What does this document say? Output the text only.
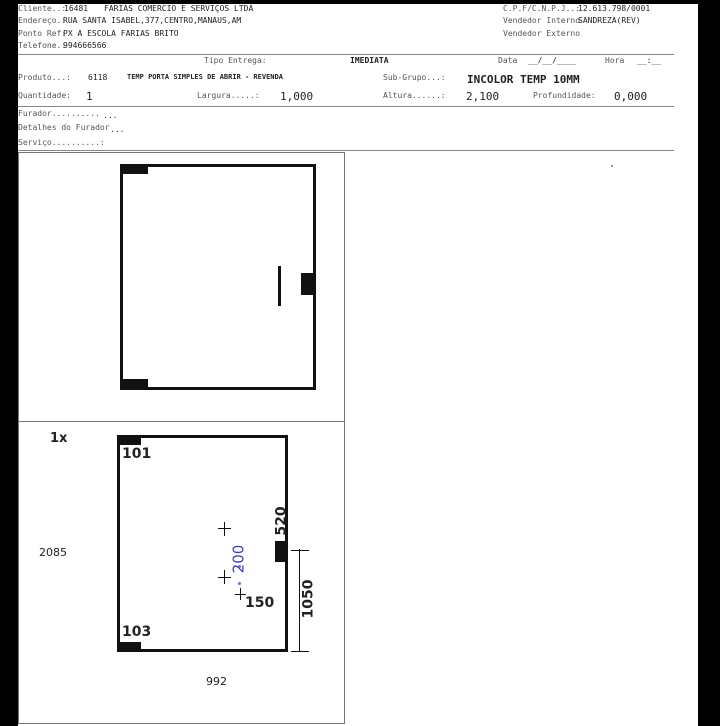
Cliente..:
16481 FARIAS COMERCIO E SERVIÇOS LTDA	C.P.F/C.N.P.J..:
12.613.798/0001
Endereço.:
RUA SANTA ISABEL,377,CENTRO,MANAUS,AM	Vendedor Interno
SANDREZA(REV)
Ponto Ref:
PX A ESCOLA FARIAS BRITO	Vendedor Externo
Telefone.:
994666566
Tipo Entrega:	IMEDIATA	Data __/__/____	Hora __:__
Produto...: 6118	TEMP PORTA SIMPLES DE ABRIR - REVENDA	Sub-Grupo...: INCOLOR TEMP 10MM
Quantidade: 1	Largura.....: 1,000	Altura......: 2,100	Profundidade: 0,000
Furador.......... ...
Detalhes do Furador ...
Serviço..........:
1x
2085
101
103
520
150 1050
200
992
